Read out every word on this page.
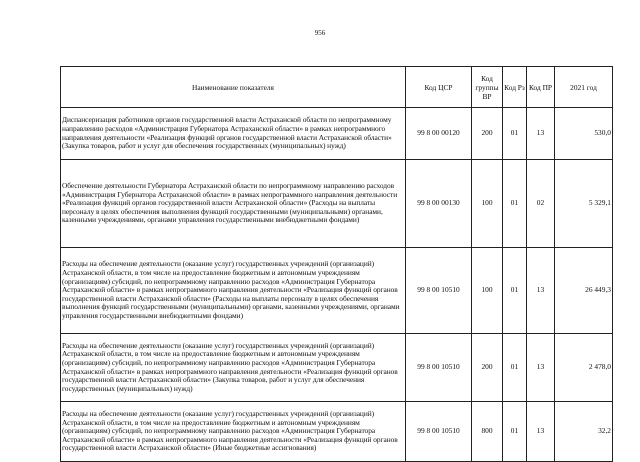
956
Наименование показателя	Код ЦСР	Код группы ВР	Код Рз	Код ПР	2021 год
Диспансеризация работников органов государственной власти Астраханской области по непрограммному направлению расходов «Администрация Губернатора Астраханской области» в рамках непрограммного направления деятельности «Реализация функций органов государственной власти Астраханской области» (Закупка товаров, работ и услуг для обеспечения государственных (муниципальных) нужд)	99 8 00 00120	200	01	13	530,0
Обеспечение деятельности Губернатора Астраханской области по непрограммному направлению расходов «Администрация Губернатора Астраханской области» в рамках непрограммного направления деятельности «Реализация функций органов государственной власти Астраханской области» (Расходы на выплаты персоналу в целях обеспечения выполнения функций государственными (муниципальными) органами, казенными учреждениями, органами управления государственными внебюджетными фондами)	99 8 00 00130	100	01	02	5 329,1
Расходы на обеспечение деятельности (оказание услуг) государственных учреждений (организаций) Астраханской области, в том числе на предоставление бюджетным и автономным учреждениям (организациям) субсидий, по непрограммному направлению расходов «Администрация Губернатора Астраханской области» в рамках непрограммного направления деятельности «Реализация функций органов государственной власти Астраханской области» (Расходы на выплаты персоналу в целях обеспечения выполнения функций государственными (муниципальными) органами, казенными учреждениями, органами управления государственными внебюджетными фондами)	99 8 00 10510	100	01	13	26 449,3
Расходы на обеспечение деятельности (оказание услуг) государственных учреждений (организаций) Астраханской области, в том числе на предоставление бюджетным и автономным учреждениям (организациям) субсидий, по непрограммному направлению расходов «Администрация Губернатора Астраханской области» в рамках непрограммного направления деятельности «Реализация функций органов государственной власти Астраханской области» (Закупка товаров, работ и услуг для обеспечения государственных (муниципальных) нужд)	99 8 00 10510	200	01	13	2 478,0
Расходы на обеспечение деятельности (оказание услуг) государственных учреждений (организаций) Астраханской области, в том числе на предоставление бюджетным и автономным учреждениям (организациям) субсидий, по непрограммному направлению расходов «Администрация Губернатора Астраханской области» в рамках непрограммного направления деятельности «Реализация функций органов государственной власти Астраханской области» (Иные бюджетные ассигнования)	99 8 00 10510	800	01	13	32,2
